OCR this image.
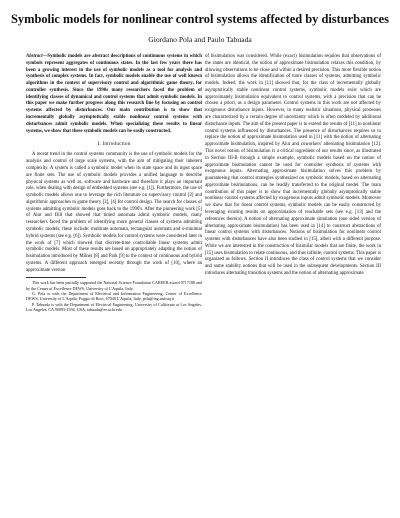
Symbolic models for nonlinear control systems affected by disturbances
Giordano Pola and Paulo Tabuada

Abstract—Symbolic models are abstract descriptions of continuous systems in which symbols represent aggregates of continuous states. In the last few years there has been a growing interest in the use of symbolic models as a tool for analysis and synthesis of complex systems. In fact, symbolic models enable the use of well known algorithms in the context of supervisory control and algorithmic game theory, for controller synthesis. Since the 1990s many researchers faced the problem of identifying classes of dynamical and control systems that admit symbolic models. In this paper we make further progress along this research line by focusing on control systems affected by disturbances. Our main contribution is to show that incrementally globally asymptotically stable nonlinear control systems with disturbances admit symbolic models. When specializing these results to linear systems, we show that these symbolic models can be easily constructed.

I. Introduction

A recent trend in the control systems community is the use of symbolic models for the analysis and control of large scale systems, with the aim of mitigating their inherent complexity. A system is called a symbolic model when its state space and its input space are finite sets. The use of symbolic models provides a unified language to describe physical systems as well as, software and hardware and therefore it plays an important role, when dealing with design of embedded systems (see e.g. [1]). Furthermore, the use of symbolic models allows one to leverage the rich literature on supervisory control [2] and algorithmic approaches to game theory [3], [4] for control design. The search for classes of systems admitting symbolic models goes back to the 1990's. After the pioneering work [5] of Alur and Dill that showed that timed automata admit symbolic models, many researchers faced the problem of identifying more general classes of systems admitting symbolic models; these include: multirate automata, rectangular automata and o-minimal hybrid systems (see e.g. [6]). Symbolic models for control systems were considered later in the work of [7] which showed that discrete-time controllable linear systems admit symbolic models. Most of these results are based on appropriately adapting the notion of bisimulation introduced by Milner [8] and Park [9] to the context of continuous and hybrid systems. A different approach emerged recently through the work of [10], where an approximate version

This work has been partially supported the National Science Foundation CAREER award 0717188 and by the Center of Excellence DEWS, University of L'Aquila, Italy.

G. Pola is with the Department of Electrical and Information Engineering, Center of Excellence DEWS, University of L'Aquila, Poggio di Roio, 67040 L'Aquila, Italy, pola@ing.univaq.it

P. Tabuada is with the Department of Electrical Engineering, University of California at Los Angeles, Los Angeles, CA 90095-1594, USA, tabuada@ee.ucla.edu

of bisimulation was considered. While (exact) bisimulation requires that observations of the states are identical, the notion of approximate bisimulation relaxes this condition, by allowing observations to be close and within a desired precision. This more flexible notion of bisimulation allows the identification of more classes of systems, admitting symbolic models. Indeed, the work in [11] showed that, for the class of incrementally globally asymptotically stable nonlinear control systems, symbolic models exist which are approximately bisimulation equivalent to control systems, with a precision that can be chosen a priori, as a design parameter. Control systems in this work are not affected by exogenous disturbance inputs. However, in many realistic situations, physical processes are characterized by a certain degree of uncertainty which is often modeled by additional disturbance inputs. The aim of the present paper is to extend the results of [11] to nonlinear control systems influenced by disturbances. The presence of disturbances requires us to replace the notion of approximate bisimulation used in [11] with the notion of alternating approximate bisimulation, inspired by Alur and coworkers' alternating bisimulation [12]. This novel notion of bisimulation is a critical ingredient of our results since, as illustrated in Section III-B through a simple example, symbolic models based on the notion of approximate bisimulation cannot be used for controller synthesis of systems with exogenous inputs. Alternating approximate bisimulation solves this problem by guaranteeing that control strategies synthesized on symbolic models, based on alternating approximate bisimulations, can be readily transferred to the original model. The main contribution of this paper is to show that incrementally globally asymptotically stable nonlinear control systems affected by exogenous inputs admit symbolic models. Moreover we show that for linear control systems, symbolic models can be easily constructed by leveraging existing results on approximation of reachable sets (see e.g. [13] and the references therein). A notion of alternating approximate simulation (one sided version of alternating approximate bisimulation) has been used in [14] to construct abstractions of linear control systems with disturbances. Notions of bisimulation for nonlinear control systems with disturbances have also been studied in [15], albeit with a different purpose. While we are interested in the construction of bisimilar models that are finite, the work in [15] uses bisimulation to relate continuous, and thus infinite, control systems. This paper is organized as follows. Section II introduces the class of control systems that we consider and some stability notions that will be used in the subsequent developments. Section III introduces alternating transition systems and the notion of alternating approximate
